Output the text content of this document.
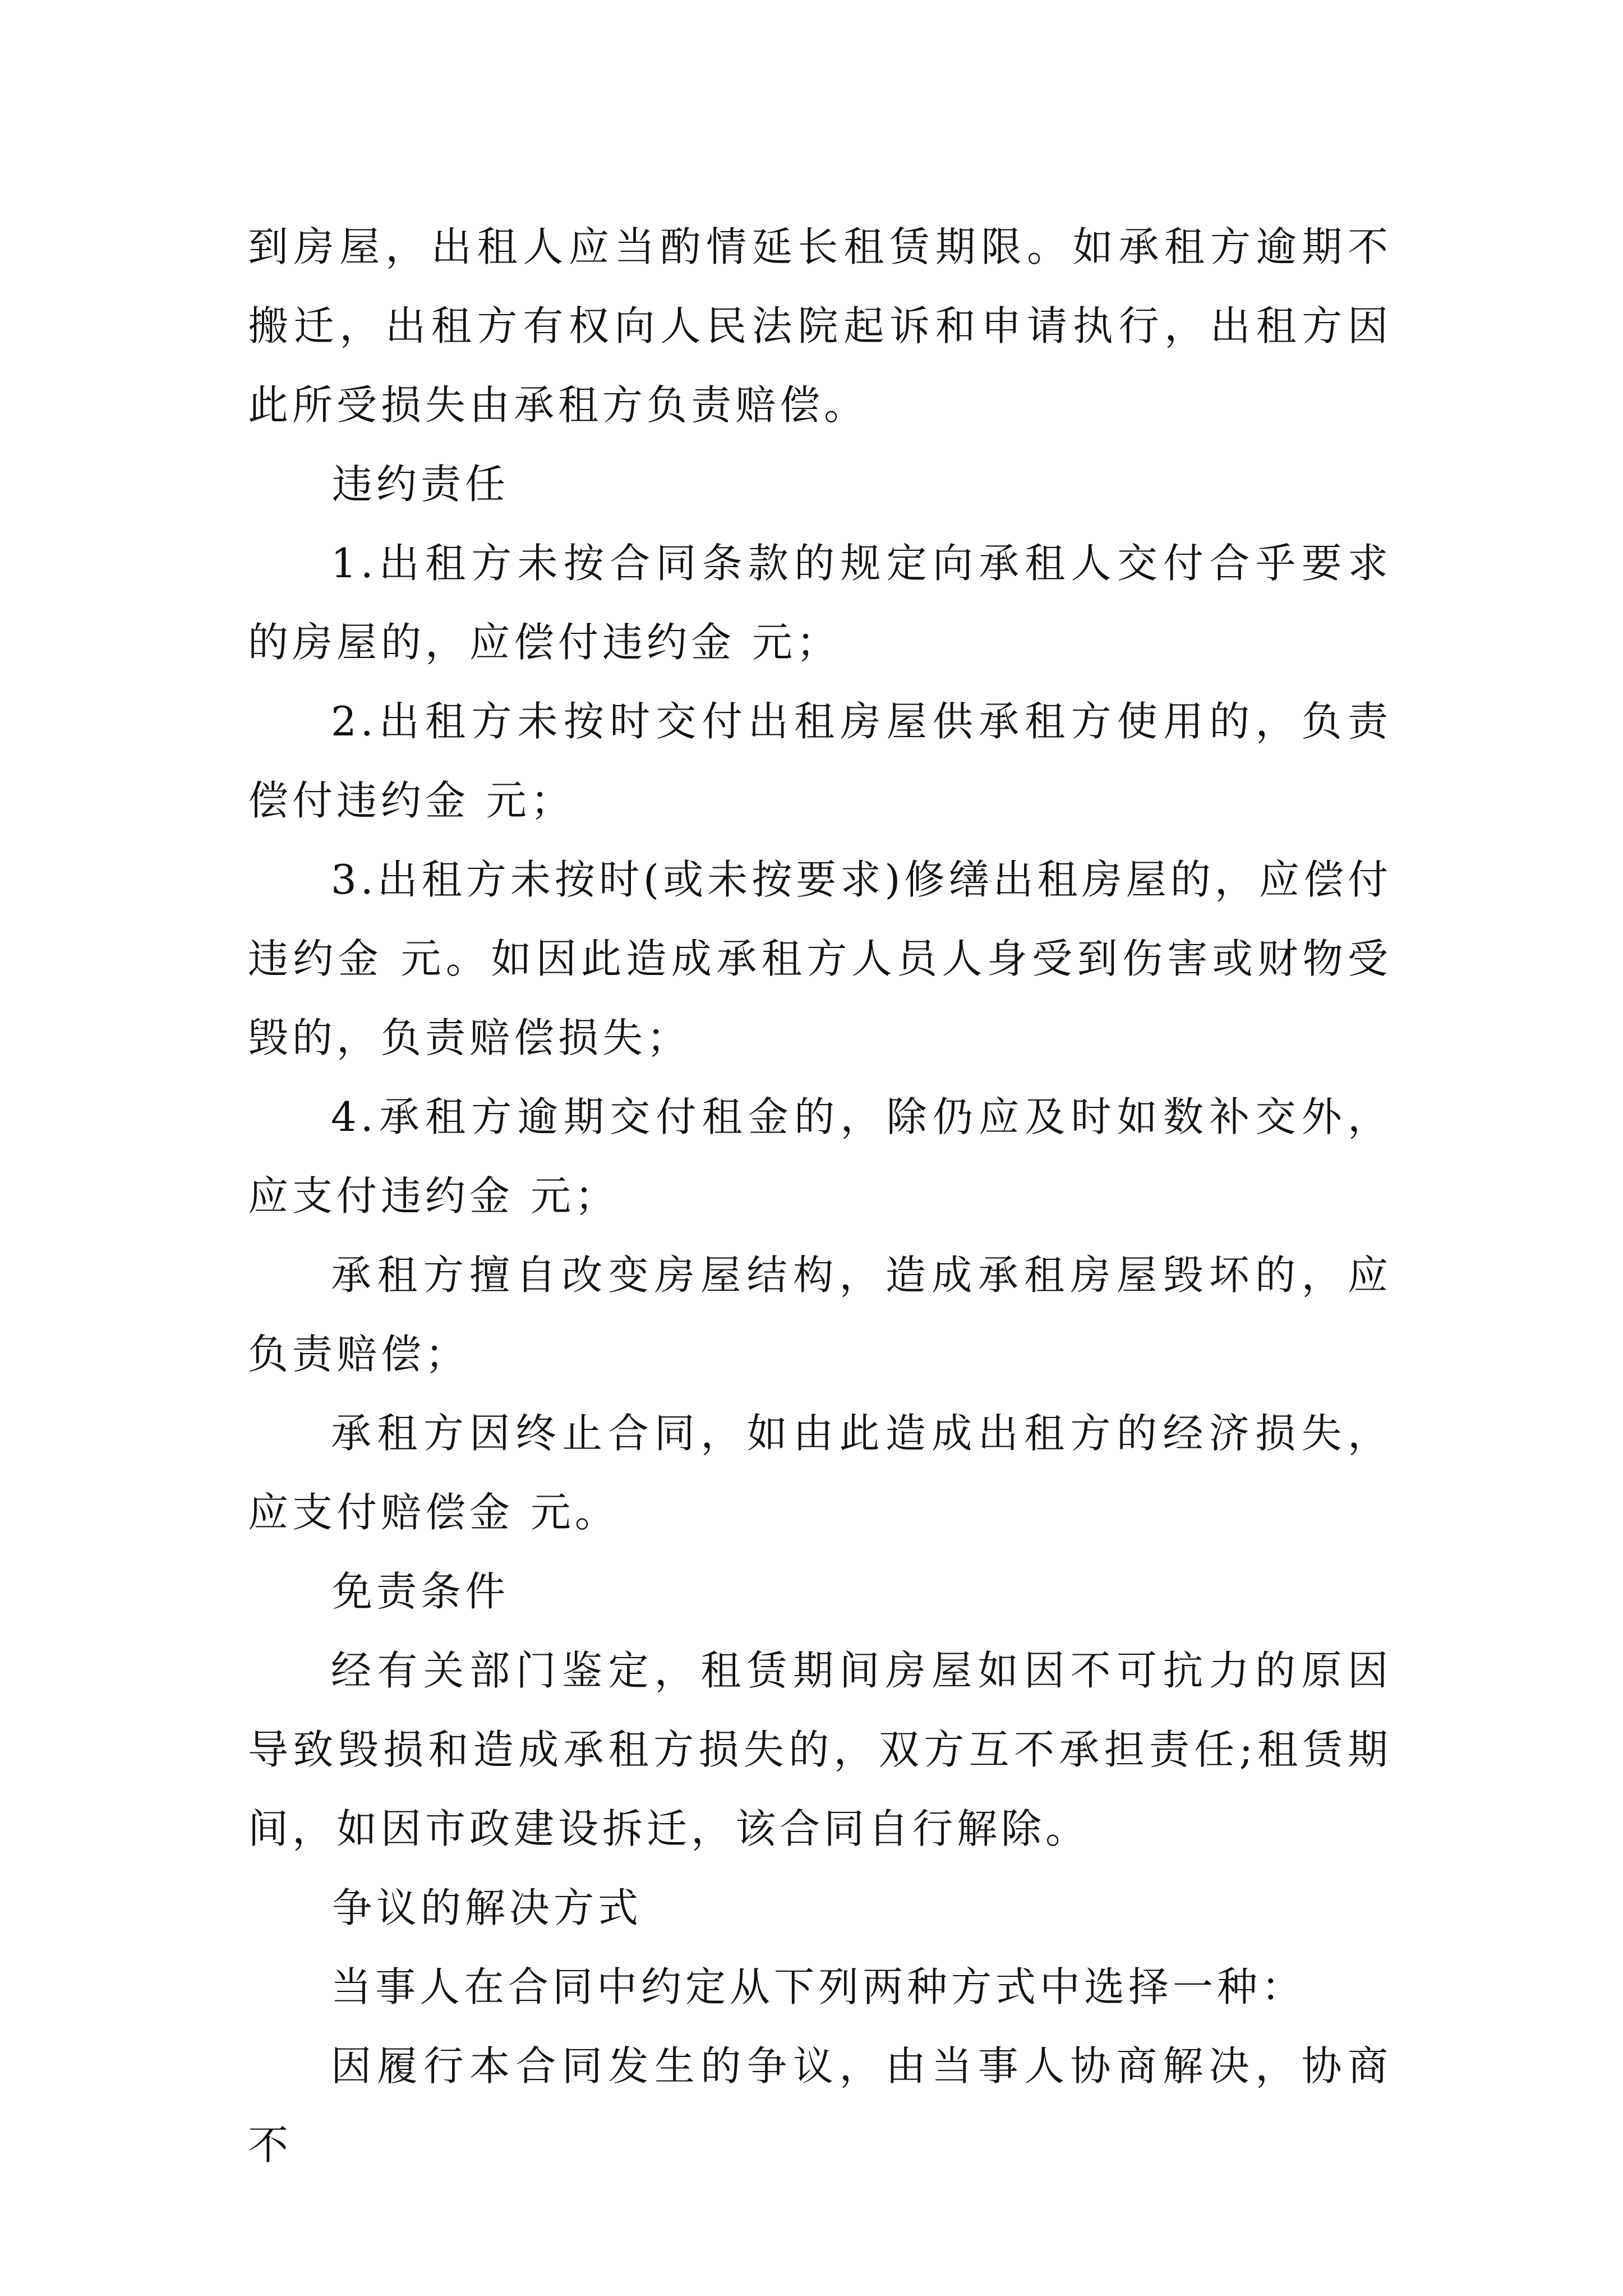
到房屋，出租人应当酌情延长租赁期限。如承租方逾期不搬迁，出租方有权向人民法院起诉和申请执行，出租方因此所受损失由承租方负责赔偿。

违约责任

1.出租方未按合同条款的规定向承租人交付合乎要求的房屋的，应偿付违约金 元；

2.出租方未按时交付出租房屋供承租方使用的，负责偿付违约金 元；

3.出租方未按时(或未按要求)修缮出租房屋的，应偿付违约金 元。如因此造成承租方人员人身受到伤害或财物受毁的，负责赔偿损失；

4.承租方逾期交付租金的，除仍应及时如数补交外，应支付违约金 元；

承租方擅自改变房屋结构，造成承租房屋毁坏的，应负责赔偿；

承租方因终止合同，如由此造成出租方的经济损失，应支付赔偿金 元。

免责条件

经有关部门鉴定，租赁期间房屋如因不可抗力的原因导致毁损和造成承租方损失的，双方互不承担责任;租赁期间，如因市政建设拆迁，该合同自行解除。

争议的解决方式

当事人在合同中约定从下列两种方式中选择一种：

因履行本合同发生的争议，由当事人协商解决，协商不
